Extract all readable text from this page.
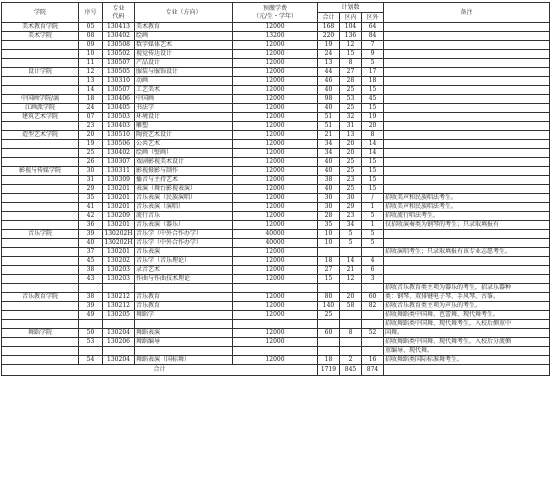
学院	序号	专业
代码	专业（方向）	预缴学费
（元/生・学年）	计划数			备注
					合计	区内	区外	
美术教育学院	05	130413	美术教育	12000	168	104	64	
美术学院	08	130402	绘画	13200	220	136	84	
	09	130508	数字媒体艺术	12000	19	12	7	
	10	130502	视觉传达设计	12000	24	15	9	
	11	130507	产品设计	12000	13	8	5	
设计学院	12	130505	服装与服饰设计	12000	44	27	17	
	13	130310	动画	12000	46	28	18	
	14	130507	工艺美术	12000	40	25	15	
中国画学院/漓	18	130406	中国画	12000	98	53	45	
江画派学院	24	130405	书法学	12000	40	25	15	
建筑艺术学院	07	130503	环境设计	12000	51	32	19	
	23	130403	雕塑	12000	51	31	20	
造型艺术学院	20	130510	陶瓷艺术设计	12000	21	13	8	
	19	130506	公共艺术	12000	34	20	14	
	25	130402	绘画（壁画）	12000	34	20	14	
	26	130307	戏剧影视美术设计	12000	40	25	15	
影视与传媒学院	30	130311	影视摄影与制作	12000	40	25	15	
	31	130309	播音与主持艺术	12000	38	23	15	
	29	130201	表演（舞台影视表演）	12000	40	25	15	
	35	130201	音乐表演（民族演唱）	12000	30	30	/	招收美声和民族唱法考生。
	41	130201	音乐表演（演唱）	12000	30	29	1	招收美声和民族唱法考生。
	42	130209	流行音乐	12000	28	23	5	招收流行唱法考生。
	36	130201	音乐表演（器乐）	12000	35	34	1	仅招收演奏类为钢琴的考生；只录取填报有
音乐学院	39	130202H	音乐学（中外合作办学）	40000	10	5	5	
	40	130202H	音乐学（中外合作办学）	40000	10	5	5	
	37	130201	音乐表演	12000				招收演唱考生；只录取填报有该专业志愿考生。
	45	130202	音乐学（音乐理论）	12000	18	14	4	
	38	130203	录音艺术	12000	27	21	6	
	43	130203	作曲与作曲技术理论	12000	15	12	3	
								招收音乐教育类主项为器乐的考生，招录乐器种
音乐教育学院	38	130212	音乐教育	12000	80	20	60	类：钢琴、双排键电子琴、手风琴、古筝。
	39	130212	音乐教育	12000	140	58	82	招收音乐教育类主项为声乐的考生。
	49	130205	舞蹈学	12000	25			招收舞蹈类中国舞、芭蕾舞、现代舞考生。
								招收舞蹈类中国舞、现代舞考生，入校后侧重中
舞蹈学院	50	130204	舞蹈表演	12000	60	8	52	国舞。
	53	130206	舞蹈编导	12000				招收舞蹈类中国舞、现代舞考生，入校后分流侧
								重编导、现代舞。
	54	130204	舞蹈表演（国标舞）	12000	18	2	16	招收舞蹈类国际标准舞考生。
合计					1719	845	874	
